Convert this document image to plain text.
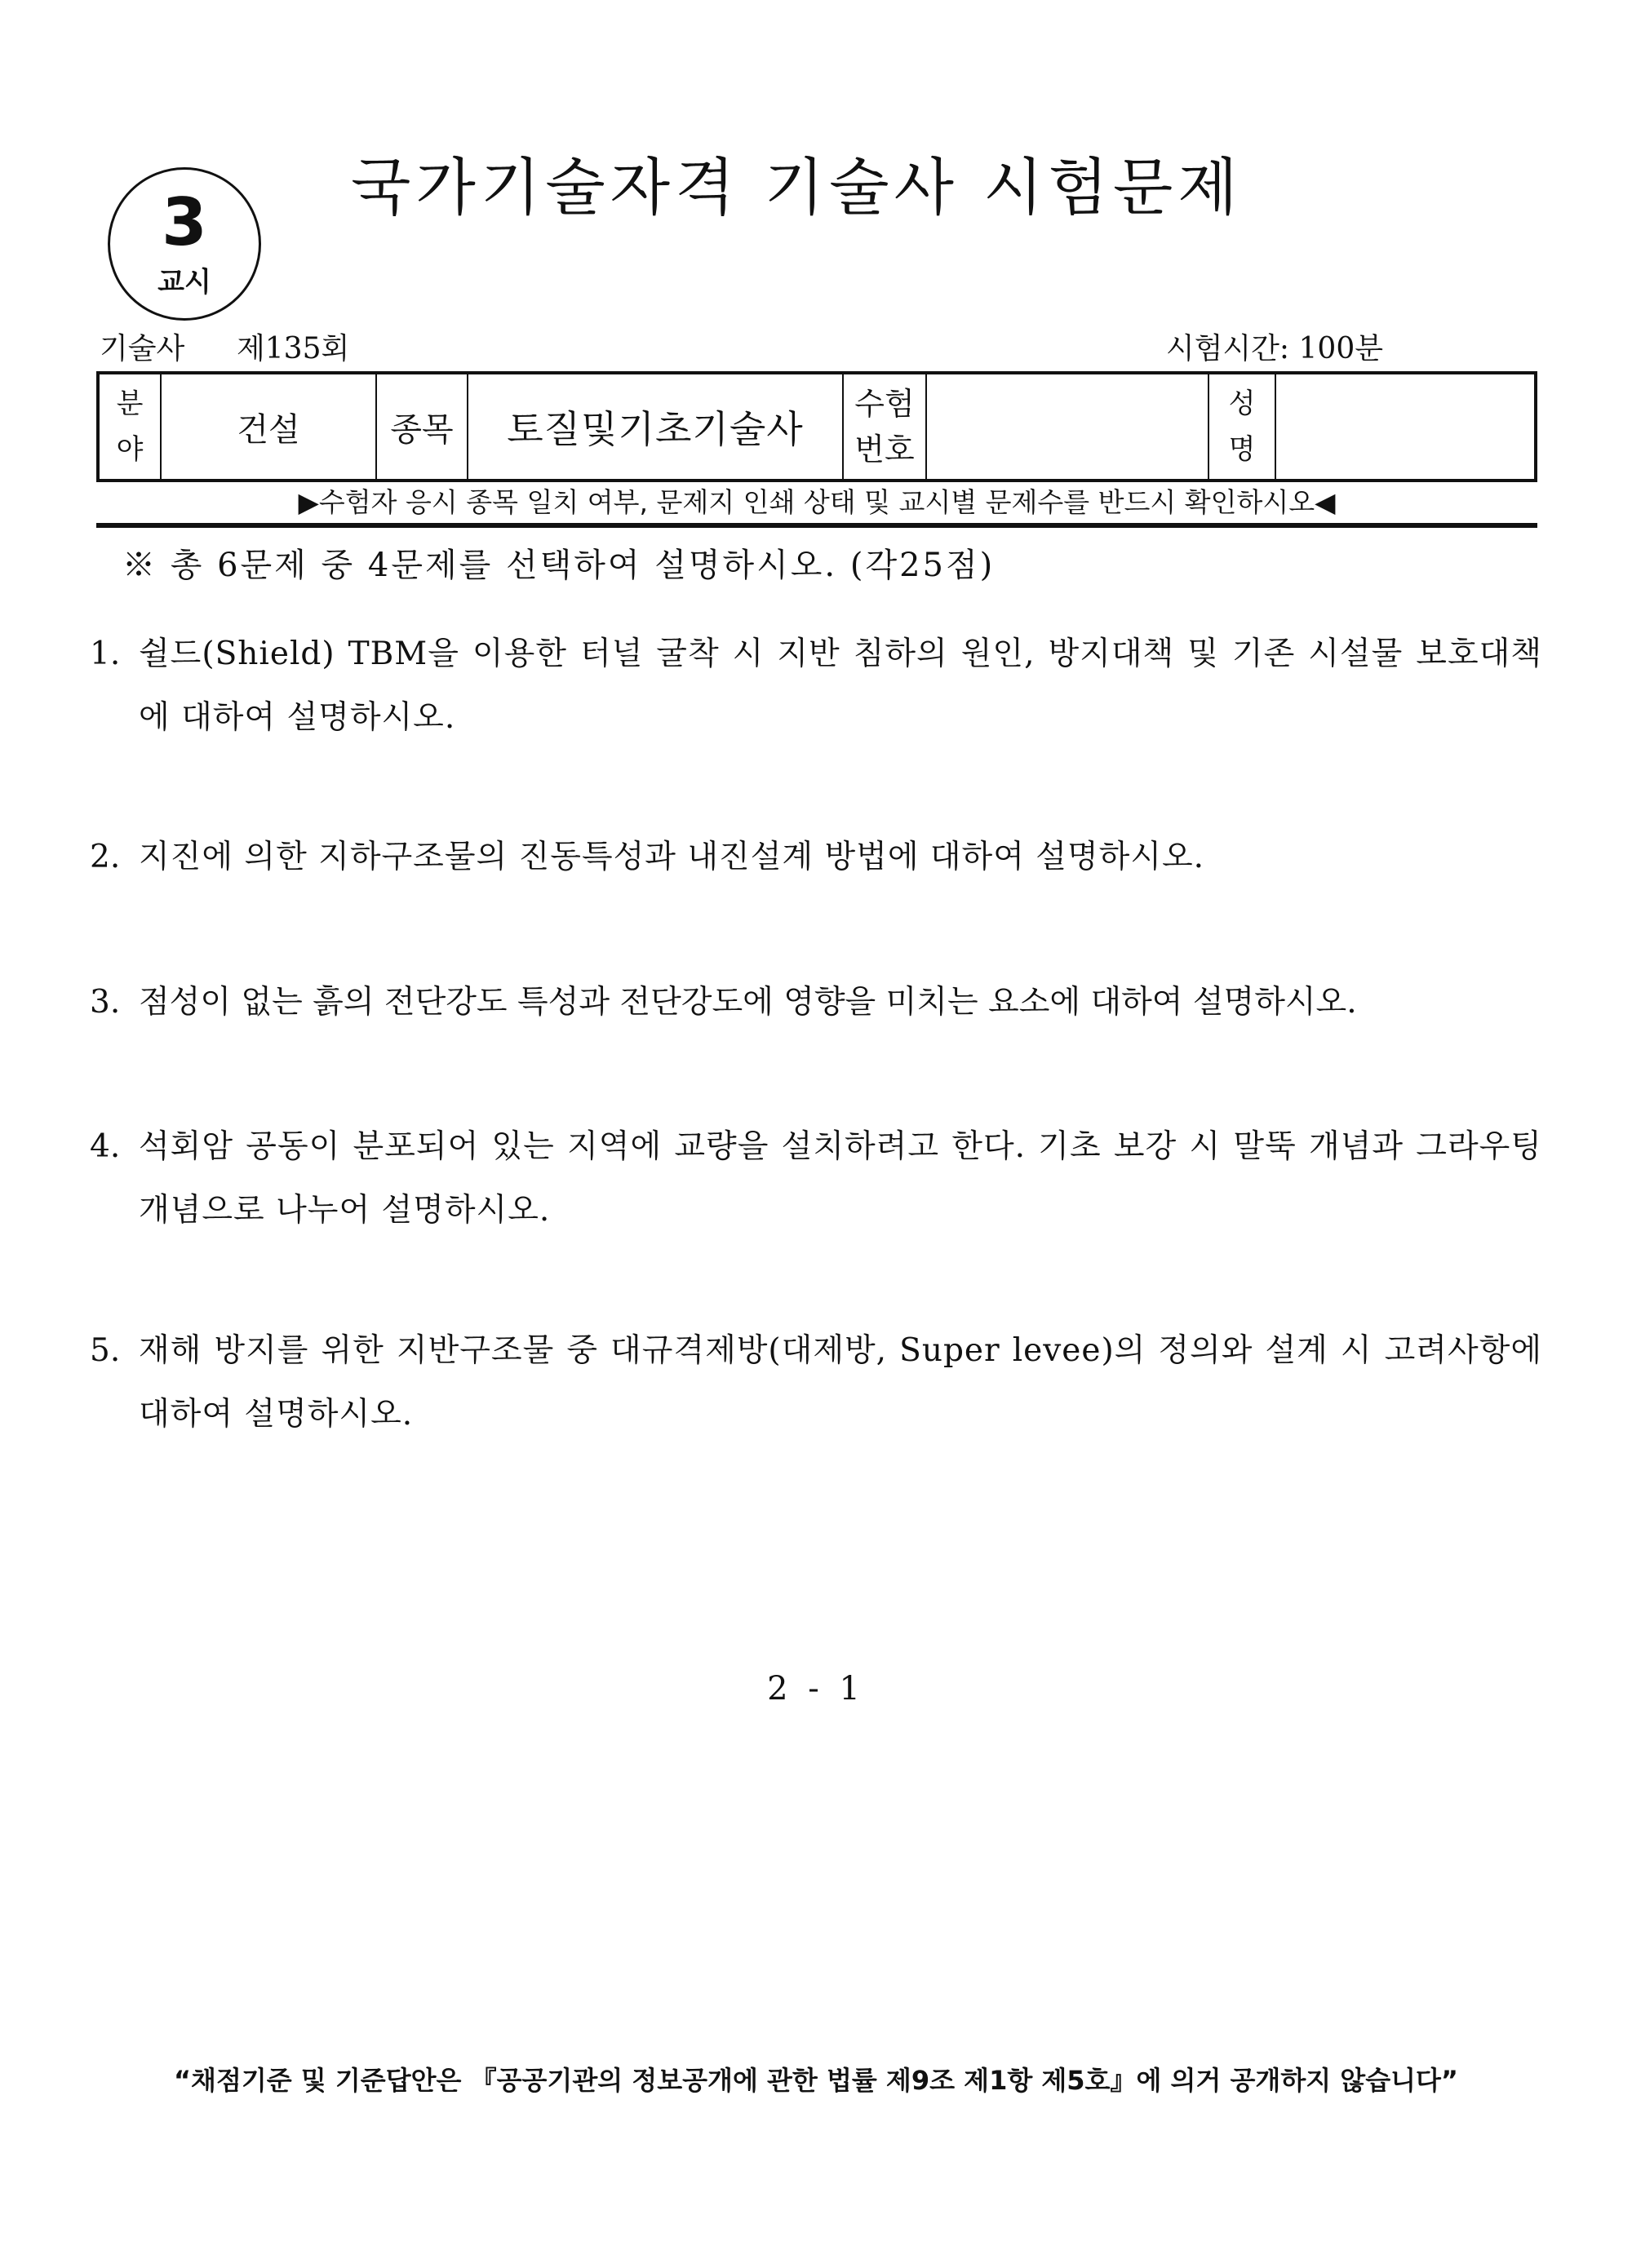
3
교시
국가기술자격 기술사 시험문제
기술사 제135회	시험시간: 100분
분
야
건설	종목 토질및기초기술사
수험
번호
성
명
▶수험자 응시 종목 일치 여부, 문제지 인쇄 상태 및 교시별 문제수를 반드시 확인하시오◀
※ 총 6문제 중 4문제를 선택하여 설명하시오. (각25점)
1. 쉴드(Shield) TBM을 이용한 터널 굴착 시 지반 침하의 원인, 방지대책 및 기존 시설물 보호대책에 대하여 설명하시오.
2. 지진에 의한 지하구조물의 진동특성과 내진설계 방법에 대하여 설명하시오.
3. 점성이 없는 흙의 전단강도 특성과 전단강도에 영향을 미치는 요소에 대하여 설명하시오.
4. 석회암 공동이 분포되어 있는 지역에 교량을 설치하려고 한다. 기초 보강 시 말뚝 개념과 그라우팅 개념으로 나누어 설명하시오.
5. 재해 방지를 위한 지반구조물 중 대규격제방(대제방, Super levee)의 정의와 설계 시 고려사항에 대하여 설명하시오.
2 - 1
“채점기준 및 기준답안은 『공공기관의 정보공개에 관한 법률 제9조 제1항 제5호』에 의거 공개하지 않습니다”
